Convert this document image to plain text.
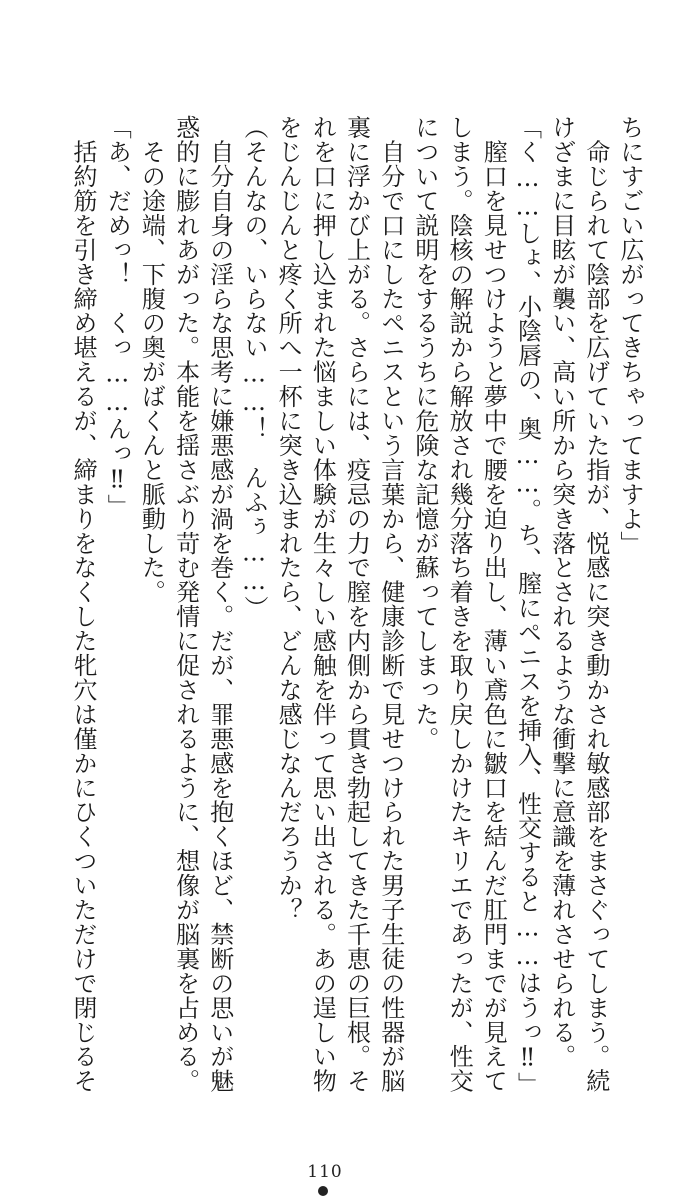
ちにすごい広がってきちゃってますよ」
　命じられて陰部を広げていた指が、悦感に突き動かされ敏感部をまさぐってしまう。続
けざまに目眩が襲い、高い所から突き落とされるような衝撃に意識を薄れさせられる。
「く……しょ、小陰唇の、奥……。ち、膣にペニスを挿入、性交すると……はうっ‼」
　膣口を見せつけようと夢中で腰を迫り出し、薄い鳶色に皺口を結んだ肛門までが見えて
しまう。陰核の解説から解放され幾分落ち着きを取り戻しかけたキリエであったが、性交
について説明をするうちに危険な記憶が蘇ってしまった。
　自分で口にしたペニスという言葉から、健康診断で見せつけられた男子生徒の性器が脳
裏に浮かび上がる。さらには、疫忌の力で膣を内側から貫き勃起してきた千恵の巨根。そ
れを口に押し込まれた悩ましい体験が生々しい感触を伴って思い出される。あの逞しい物
をじんじんと疼く所へ一杯に突き込まれたら、どんな感じなんだろうか？
（そんなの、いらない……！　んふぅ……）
　自分自身の淫らな思考に嫌悪感が渦を巻く。だが、罪悪感を抱くほど、禁断の思いが魅
惑的に膨れあがった。本能を揺さぶり苛む発情に促されるように、想像が脳裏を占める。
　その途端、下腹の奥がばくんと脈動した。
「あ、だめっ！　くっ……んっ‼」
　括約筋を引き締め堪えるが、締まりをなくした牝穴は僅かにひくついただけで閉じるそ
110
